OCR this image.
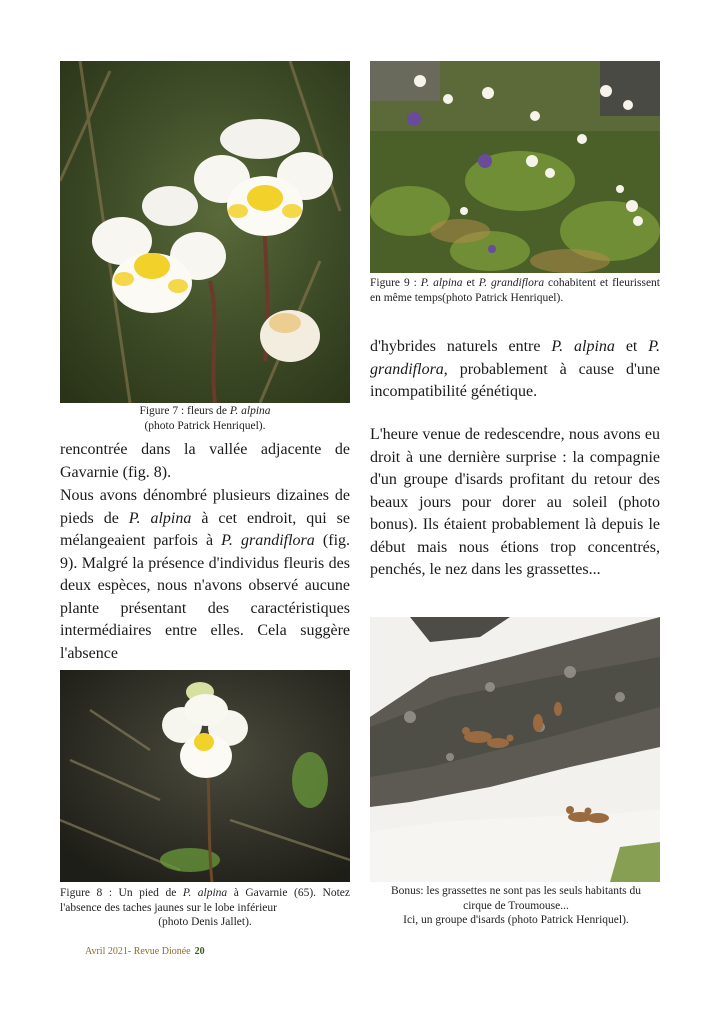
Figure 7 : fleurs de P. alpina
(photo Patrick Henriquel).
Figure 9 : P. alpina et P. grandiflora cohabitent et fleurissent en même temps(photo Patrick Henriquel).

d'hybrides naturels entre P. alpina et P. grandiflora, probablement à cause d'une incompatibilité génétique.

L'heure venue de redescendre, nous avons eu droit à une dernière surprise : la compagnie d'un groupe d'isards profitant du retour des beaux jours pour dorer au soleil (photo bonus). Ils étaient probablement là depuis le début mais nous étions trop concentrés, penchés, le nez dans les grassettes...

rencontrée dans la vallée adjacente de Gavarnie (fig. 8).

Nous avons dénombré plusieurs dizaines de pieds de P. alpina à cet endroit, qui se mélangeaient parfois à P. grandiflora (fig. 9). Malgré la présence d'individus fleuris des deux espèces, nous n'avons observé aucune plante présentant des caractéristiques intermédiaires entre elles. Cela suggère l'absence

Figure 8 : Un pied de P. alpina à Gavarnie (65). Notez l'absence des taches jaunes sur le lobe inférieur
(photo Denis Jallet).
Bonus: les grassettes ne sont pas les seuls habitants du
cirque de Troumouse...
Ici, un groupe d'isards (photo Patrick Henriquel).
Avril 2021- Revue Dionée 20
